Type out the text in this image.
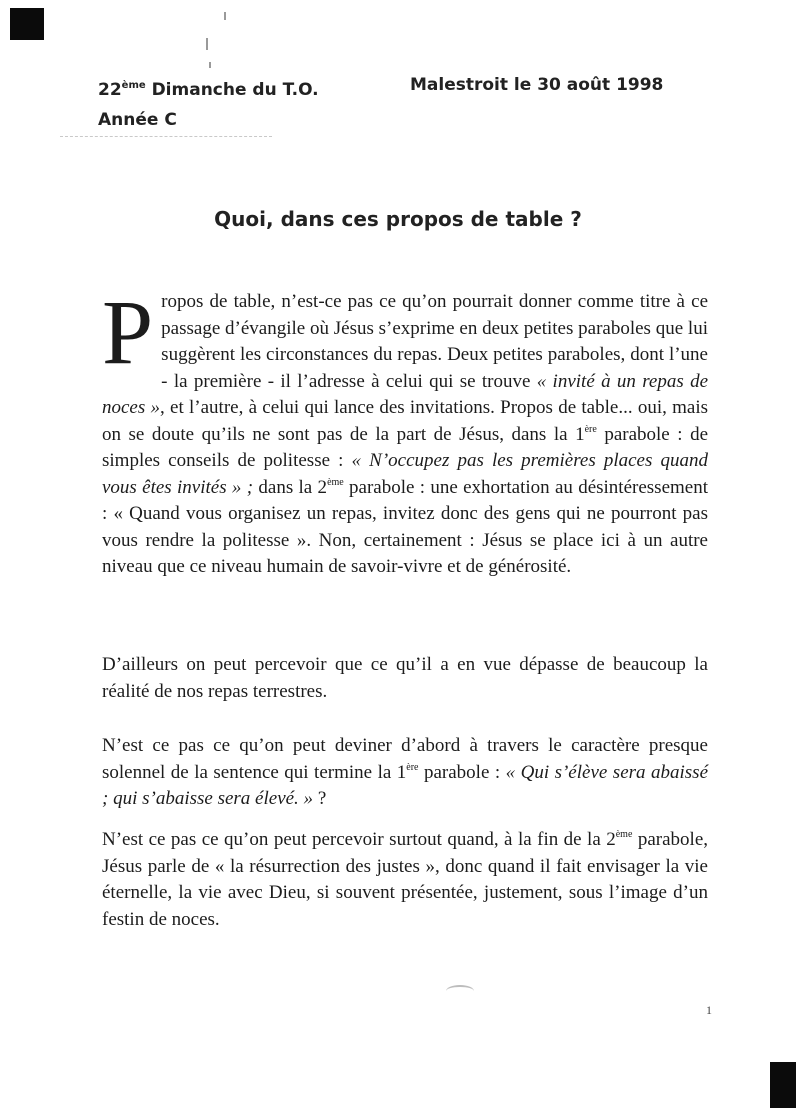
22ème Dimanche du T.O.
Année C
Malestroit le 30 août 1998
Quoi, dans ces propos de table ?

Propos de table, n’est-ce pas ce qu’on pourrait donner comme titre à ce passage d’évangile où Jésus s’exprime en deux petites paraboles que lui suggèrent les circonstances du repas. Deux petites paraboles, dont l’une - la première - il l’adresse à celui qui se trouve « invité à un repas de noces », et l’autre, à celui qui lance des invitations. Propos de table... oui, mais on se doute qu’ils ne sont pas de la part de Jésus, dans la 1ère parabole : de simples conseils de politesse : « N’occupez pas les premières places quand vous êtes invités » ; dans la 2ème parabole : une exhortation au désintéressement : « Quand vous organisez un repas, invitez donc des gens qui ne pourront pas vous rendre la politesse ». Non, certainement : Jésus se place ici à un autre niveau que ce niveau humain de savoir-vivre et de générosité.

D’ailleurs on peut percevoir que ce qu’il a en vue dépasse de beaucoup la réalité de nos repas terrestres.

N’est ce pas ce qu’on peut deviner d’abord à travers le caractère presque solennel de la sentence qui termine la 1ère parabole : « Qui s’élève sera abaissé ; qui s’abaisse sera élevé. » ?

N’est ce pas ce qu’on peut percevoir surtout quand, à la fin de la 2ème parabole, Jésus parle de « la résurrection des justes », donc quand il fait envisager la vie éternelle, la vie avec Dieu, si souvent présentée, justement, sous l’image d’un festin de noces.

1
